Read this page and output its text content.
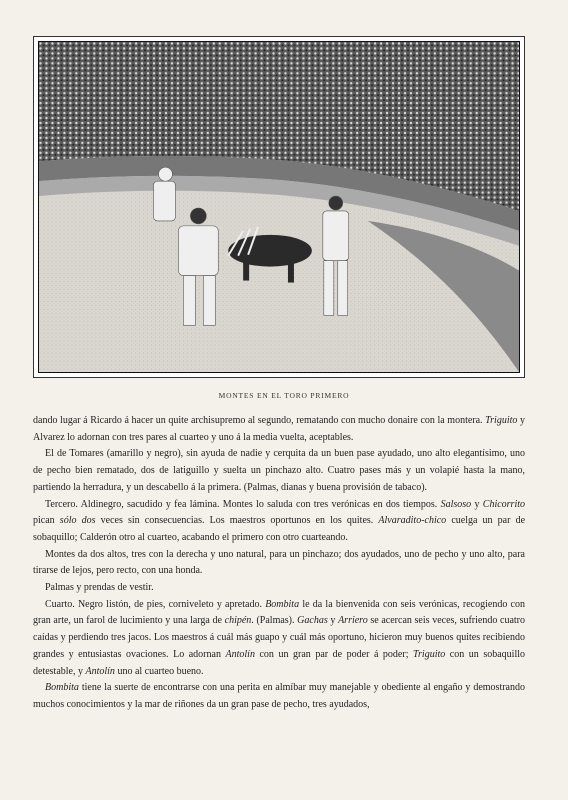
MONTES EN EL TORO PRIMERO

dando lugar á Ricardo á hacer un quite archisupremo al segundo, rematando con mucho donaire con la montera. Triguito y Alvarez lo adornan con tres pares al cuarteo y uno á la media vuelta, aceptables.

El de Tomares (amarillo y negro), sin ayuda de nadie y cerquita da un buen pase ayudado, uno alto elegantísimo, uno de pecho bien rematado, dos de latiguillo y suelta un pinchazo alto. Cuatro pases más y un volapié hasta la mano, partiendo la herradura, y un descabello á la primera. (Palmas, dianas y buena provisión de tabaco).

Tercero. Aldinegro, sacudido y fea lámina. Montes lo saluda con tres verónicas en dos tiempos. Salsoso y Chicorrito pican sólo dos veces sin consecuencias. Los maestros oportunos en los quites. Alvaradito-chico cuelga un par de sobaquillo; Calderón otro al cuarteo, acabando el primero con otro cuarteando.

Montes da dos altos, tres con la derecha y uno natural, para un pinchazo; dos ayudados, uno de pecho y uno alto, para tirarse de lejos, pero recto, con una honda.

Palmas y prendas de vestir.

Cuarto. Negro listón, de pies, corniveleto y apretado. Bombita le da la bienvenida con seis verónicas, recogiendo con gran arte, un farol de lucimiento y una larga de chipén. (Palmas). Gachas y Arriero se acercan seis veces, sufriendo cuatro caídas y perdiendo tres jacos. Los maestros á cuál más guapo y cuál más oportuno, hicieron muy buenos quites recibiendo grandes y entusiastas ovaciones. Lo adornan Antolín con un gran par de poder á poder; Triguito con un sobaquillo detestable, y Antolín uno al cuarteo bueno.

Bombita tiene la suerte de encontrarse con una perita en almíbar muy manejable y obediente al engaño y demostrando muchos conocimientos y la mar de riñones da un gran pase de pecho, tres ayudados,
